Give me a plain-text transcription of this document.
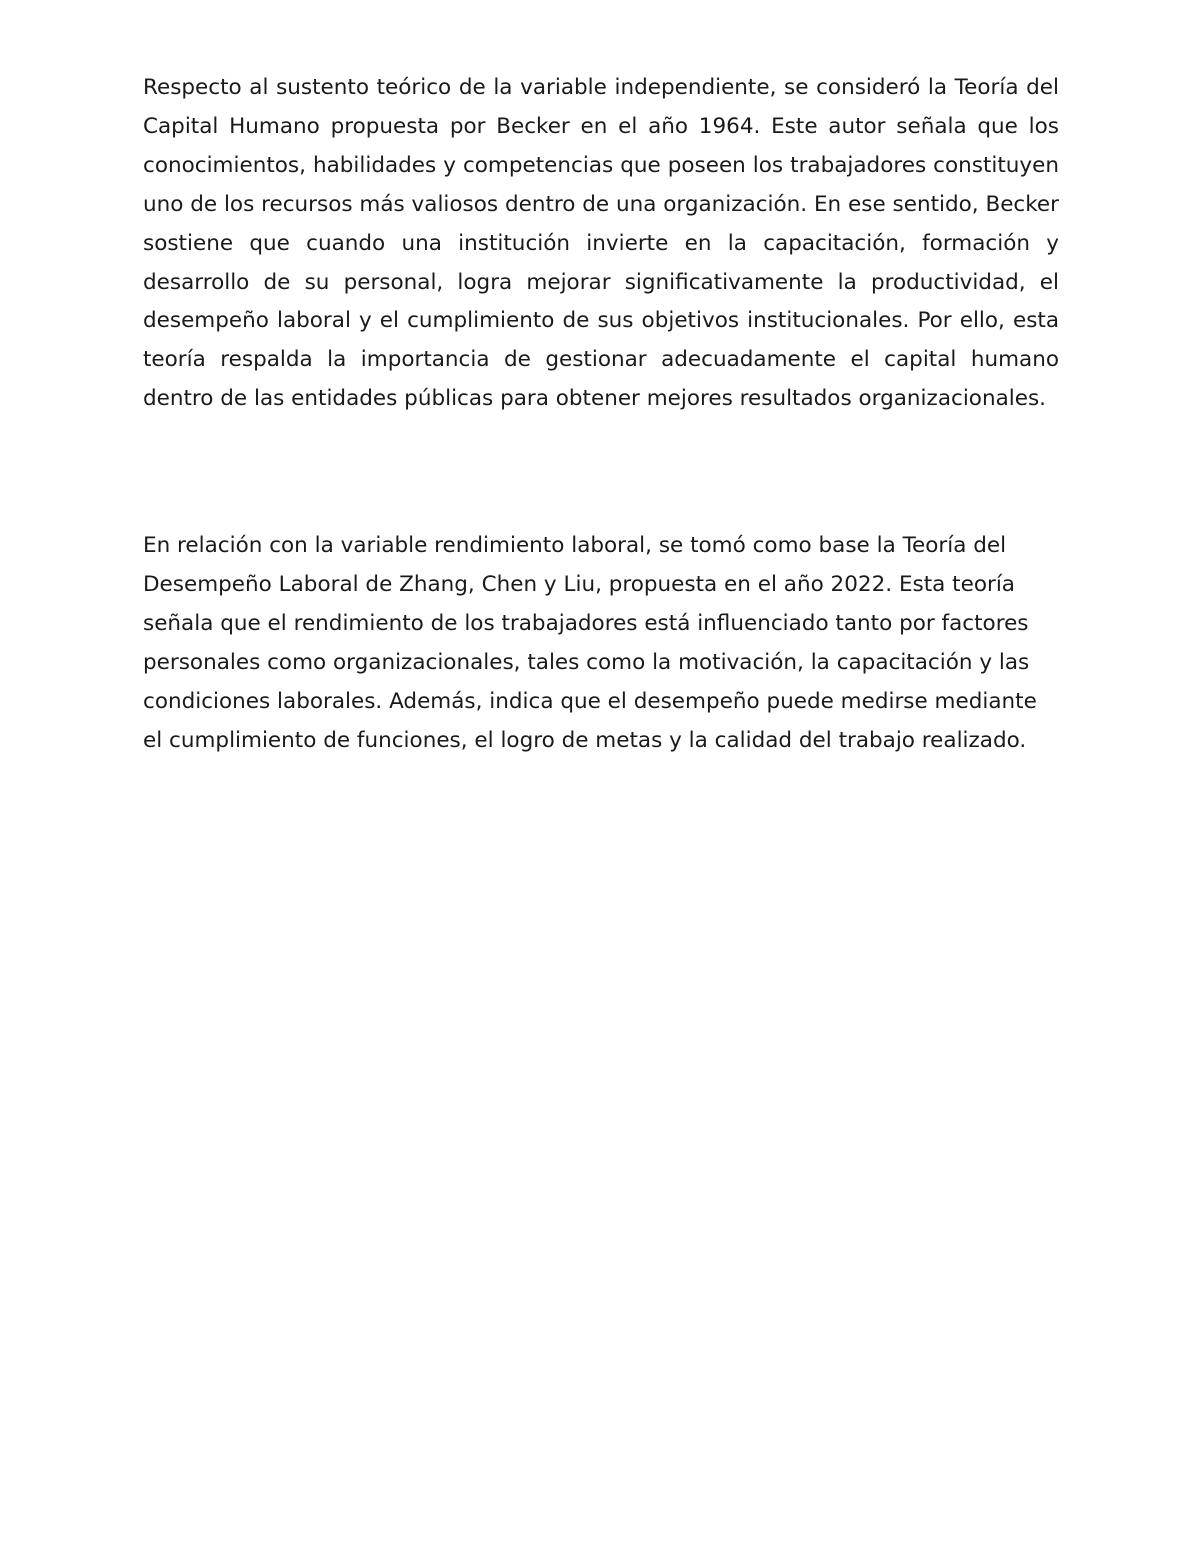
Respecto al sustento teórico de la variable independiente, se consideró la Teoría del Capital Humano propuesta por Becker en el año 1964. Este autor señala que los conocimientos, habilidades y competencias que poseen los trabajadores constituyen uno de los recursos más valiosos dentro de una organización. En ese sentido, Becker sostiene que cuando una institución invierte en la capacitación, formación y desarrollo de su personal, logra mejorar significativamente la productividad, el desempeño laboral y el cumplimiento de sus objetivos institucionales. Por ello, esta teoría respalda la importancia de gestionar adecuadamente el capital humano dentro de las entidades públicas para obtener mejores resultados organizacionales.

En relación con la variable rendimiento laboral, se tomó como base la Teoría del Desempeño Laboral de Zhang, Chen y Liu, propuesta en el año 2022. Esta teoría señala que el rendimiento de los trabajadores está influenciado tanto por factores personales como organizacionales, tales como la motivación, la capacitación y las condiciones laborales. Además, indica que el desempeño puede medirse mediante el cumplimiento de funciones, el logro de metas y la calidad del trabajo realizado.
